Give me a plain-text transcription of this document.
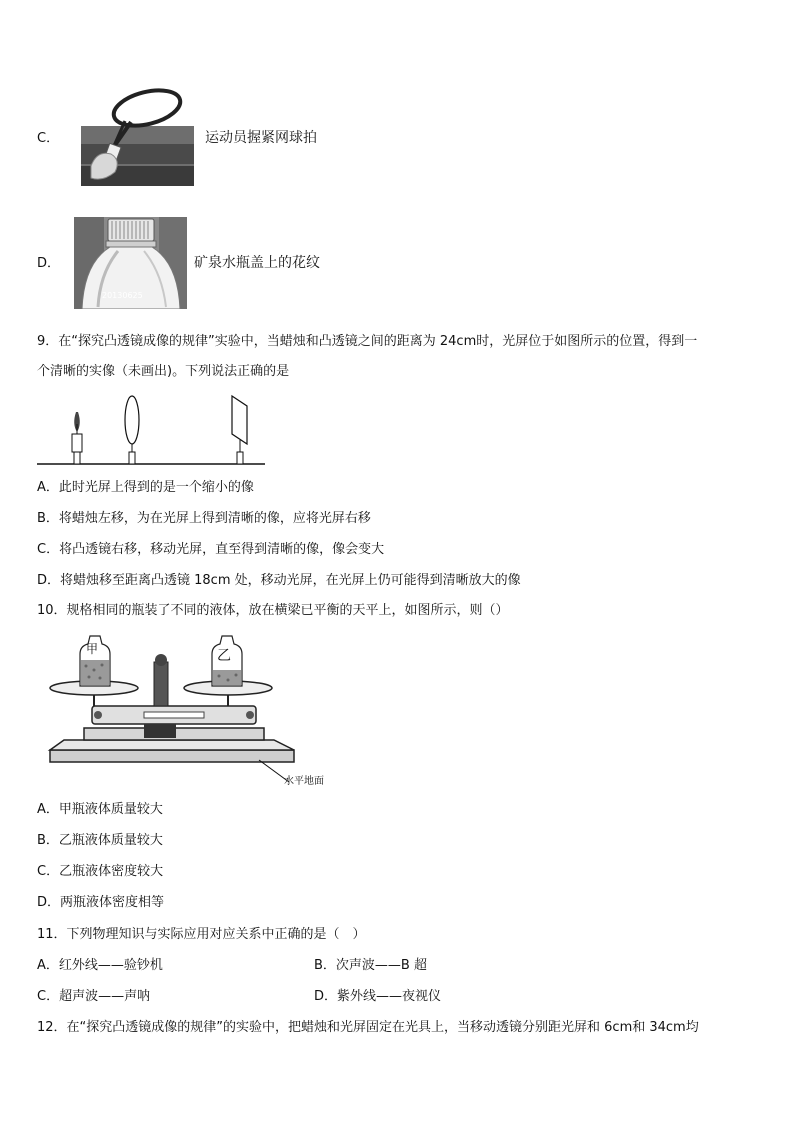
C．	运动员握紧网球拍
D．
20130625
矿泉水瓶盖上的花纹
9．在“探究凸透镜成像的规律”实验中，当蜡烛和凸透镜之间的距离为 24cm时，光屏位于如图所示的位置，得到一
个清晰的实像（未画出)。下列说法正确的是
A．此时光屏上得到的是一个缩小的像
B．将蜡烛左移，为在光屏上得到清晰的像，应将光屏右移
C．将凸透镜右移，移动光屏，直至得到清晰的像，像会变大
D．将蜡烛移至距离凸透镜 18cm 处，移动光屏，在光屏上仍可能得到清晰放大的像
10．规格相同的瓶装了不同的液体，放在横梁已平衡的天平上，如图所示，则（）
甲	乙
水平地面
A．甲瓶液体质量较大
B．乙瓶液体质量较大
C．乙瓶液体密度较大
D．两瓶液体密度相等
11．下列物理知识与实际应用对应关系中正确的是（　）
A．红外线——验钞机	B．次声波——B 超
C．超声波——声呐	D．紫外线——夜视仪
12．在“探究凸透镜成像的规律”的实验中，把蜡烛和光屏固定在光具上，当移动透镜分别距光屏和 6cm和 34cm均
